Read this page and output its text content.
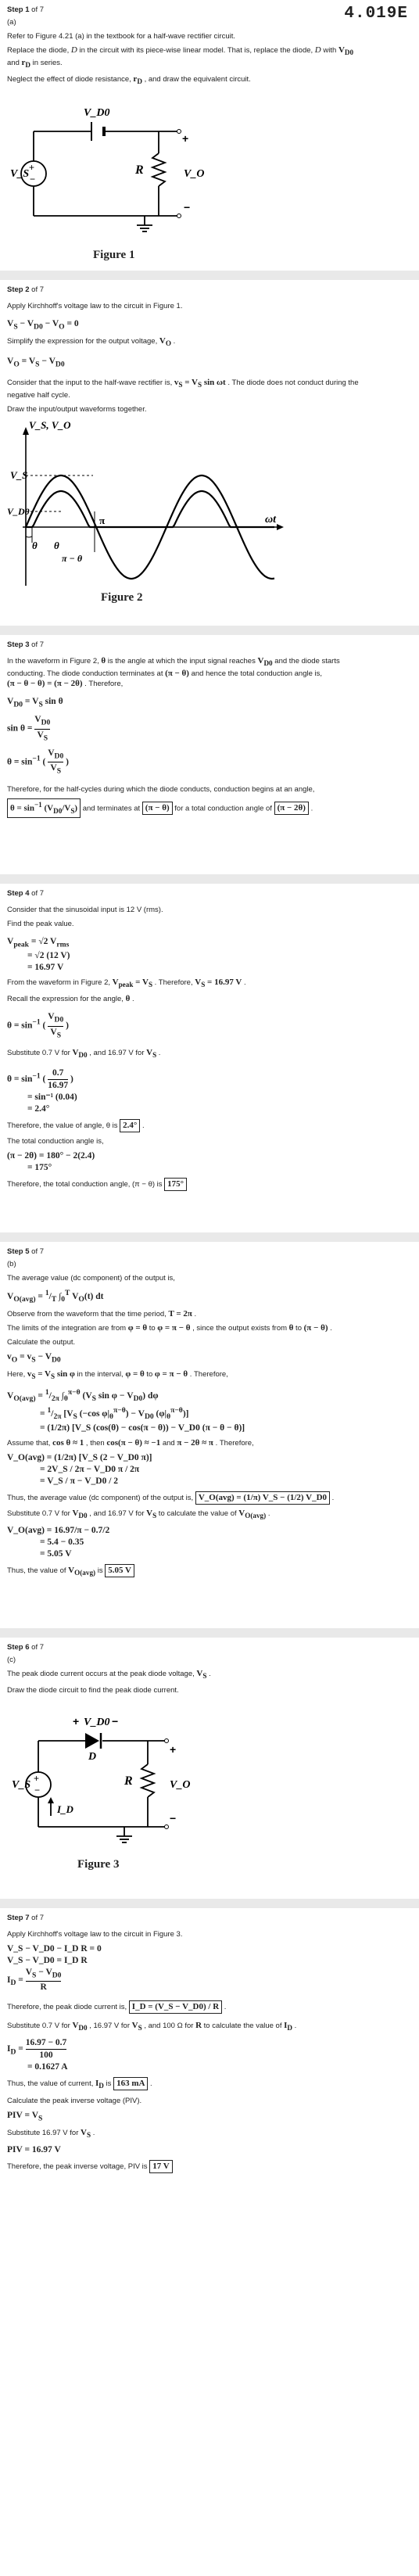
Step 1 of 7	4.019E

(a)

Refer to Figure 4.21 (a) in the textbook for a half-wave rectifier circuit.

Replace the diode, D in the circuit with its piece-wise linear model. That is, replace the diode, D with $V_{D0}$
and $r_D$ in series.

Neglect the effect of diode resistance, $r_D$ , and draw the equivalent circuit.

+
−
V_D0
V_S	R
+
V_O
−
Figure 1
Step 2 of 7

Apply Kirchhoff's voltage law to the circuit in Figure 1.

$V_S - V_{D0} - V_O = 0$

Simplify the expression for the output voltage, $V_O$ .

$V_O = V_S - V_{D0}$

Consider that the input to the half-wave rectifier is, $v_S = V_S$ sin ωt . The diode does not conduct during the
negative half cycle.

Draw the input/output waveforms together.

V_S, V_O
ωt
V_S
V_D0
π
θ θ
π − θ
Figure 2
Step 3 of 7

In the waveform in Figure 2, θ is the angle at which the input signal reaches $V_{D0}$ and the diode starts
conducting. The diode conduction terminates at (π − θ) and hence the total conduction angle is,

(π − θ − θ) = (π − 2θ) . Therefore,

$V_{D0} = V_S$ sin θ

$\sin \theta = \frac{V_{D0}}{V_S}$

$\theta = \sin^{-1}$ ( $\frac{V_{D0}}{V_S}$ )

Therefore, for the half-cycles during which the diode conducts, conduction begins at an angle,

$\theta = \sin^{-1} (V_{D0}/V_S)$ and terminates at (π − θ) for a total conduction angle of (π − 2θ) .

Step 4 of 7

Consider that the sinusoidal input is 12 V (rms).

Find the peak value.

$V_{peak} = √2$ $V_{rms}$

= √2 (12 V)

= 16.97 V

From the waveform in Figure 2, $V_{peak} = V_S$ . Therefore, $V_S = 16.97$ V .

Recall the expression for the angle, θ .

$\theta = \sin^{-1}$ ( $\frac{V_{D0}}{V_S}$ )

Substitute 0.7 V for $V_{D0}$ , and 16.97 V for $V_S$ .

$\theta = \sin^{-1}$ ( $\frac{0.7}{16.97}$ )

= sin⁻¹ (0.04)

= 2.4°

Therefore, the value of angle, θ is 2.4° .

The total conduction angle is,

(π − 2θ) = 180° − 2(2.4)

= 175°

Therefore, the total conduction angle, (π − θ) is 175°

Step 5 of 7

(b)

The average value (dc component) of the output is,

$V_{O(avg)} = ^1/_T$ $\int_0^T$ $V_O(t)$ dt

Observe from the waveform that the time period, T = 2π .

The limits of the integration are from φ = θ to φ = π − θ , since the output exists from θ to (π − θ) .

Calculate the output.

$v_O = v_S - V_{D0}$

Here, $v_S = V_S$ sin φ in the interval, φ = θ to φ = π − θ . Therefore,

$V_{O(avg)} = ^1/_{2\pi}$ $\int_\theta^{\pi-\theta}$ ($V_S$ $\sin \varphi - V_{D0}$) dφ

= $^1/_{2\pi}$ [$V_S$ (−cos $\varphi|_\theta^{\pi-\theta}) - V_{D0}$ $(\varphi|_\theta^{\pi-\theta})$]

= (1/2π) [V_S (cos(θ) − cos(π − θ)) − V_D0 (π − θ − θ)]

Assume that, cos θ ≈ 1 , then cos(π − θ) ≈ −1 and π − 2θ ≈ π . Therefore,

V_O(avg) = (1/2π) [V_S (2 − V_D0 π)]

= 2V_S / 2π − V_D0 π / 2π

= V_S / π − V_D0 / 2

Thus, the average value (dc component) of the output is, V_O(avg) = (1/π) V_S − (1/2) V_D0 .

Substitute 0.7 V for $V_{D0}$ , and 16.97 V for $V_S$ to calculate the value of $V_{O(avg)}$ .

V_O(avg) = 16.97/π − 0.7/2

= 5.4 − 0.35

= 5.05 V

Thus, the value of $V_{O(avg)}$ is 5.05 V

Step 6 of 7

(c)

The peak diode current occurs at the peak diode voltage, $V_S$ .

Draw the diode circuit to find the peak diode current.

+ V_D0 −
D
+
−
V_S
I_D
R
+
V_O
−
Figure 3
Step 7 of 7

Apply Kirchhoff's voltage law to the circuit in Figure 3.

V_S − V_D0 − I_D R = 0

V_S − V_D0 = I_D R

$I_D = \frac{V_S - V_{D0}}{R}$

Therefore, the peak diode current is, I_D = (V_S − V_D0) / R .

Substitute 0.7 V for $V_{D0}$ , 16.97 V for $V_S$ , and 100 Ω for R to calculate the value of $I_D$ .

$I_D = \frac{16.97 - 0.7}{100}$

= 0.1627 A

Thus, the value of current, $I_D$ is 163 mA .

Calculate the peak inverse voltage (PIV).

PIV = $V_S$

Substitute 16.97 V for $V_S$ .

PIV = 16.97 V

Therefore, the peak inverse voltage, PIV is 17 V
